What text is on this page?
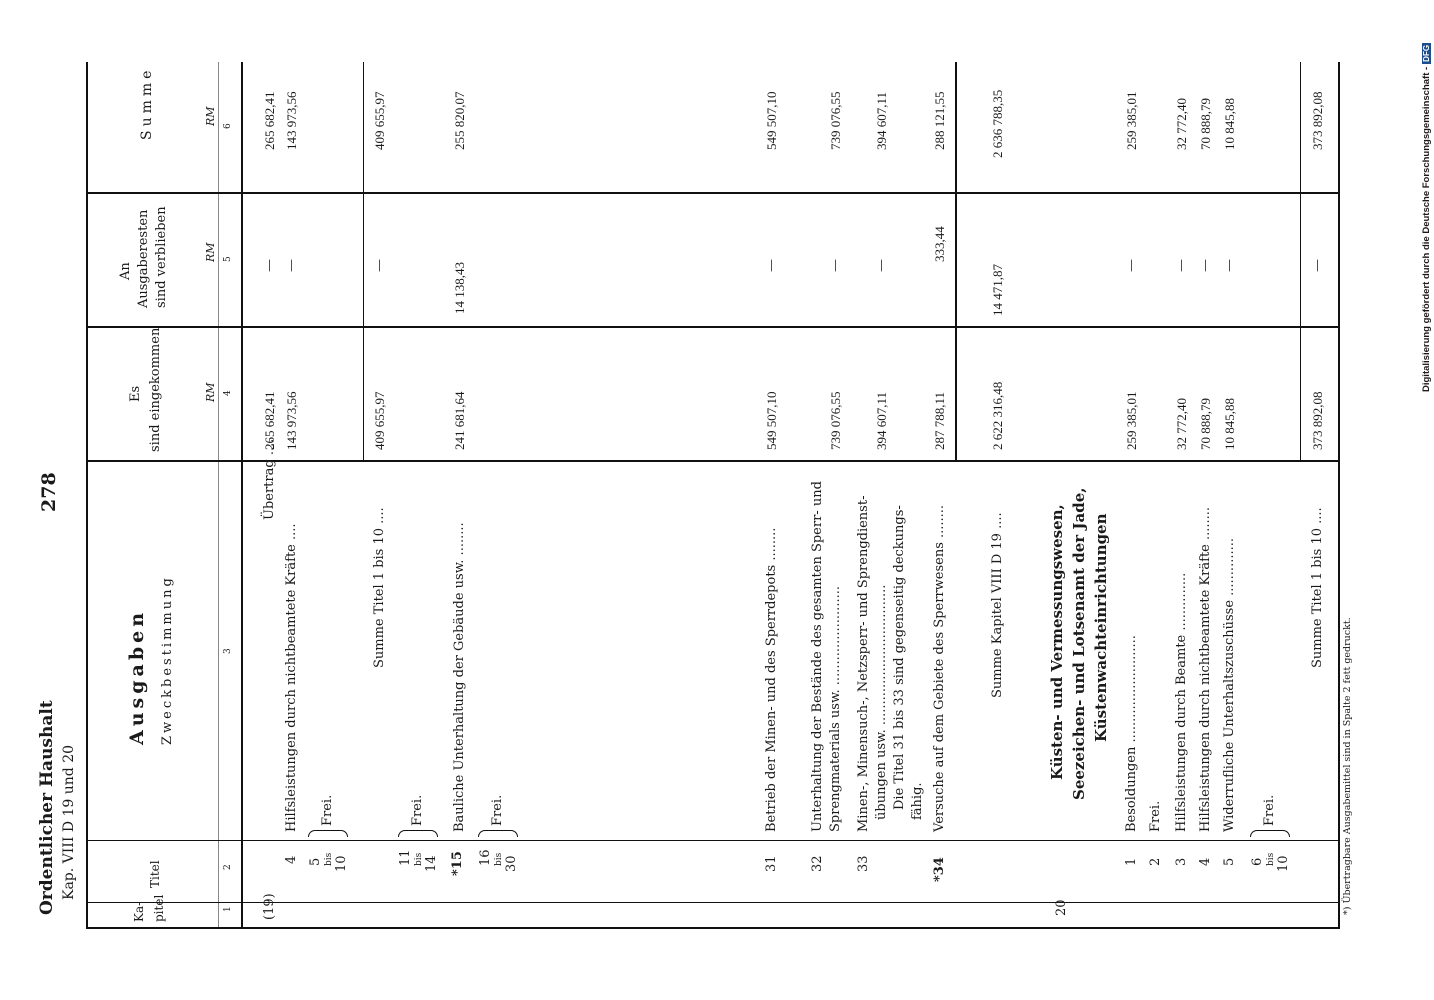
Ordentlicher Haushalt Kap. VIII D 19 und 20
278
*) Übertragbare Ausgabemittel sind in Spalte 2 fett gedruckt.
Digitalisierung gefördert durch die Deutsche Forschungsgemeinschaft -DFG
Ka- pitel
Titel
Ausgaben Zweckbestimmung
Es sind eingekommen
An Ausgaberesten sind verblieben
Summe
RM
RM
RM
1
2
3
4
5
6
(19)
Übertrag ....
265 682,41
—
265 682,41
4
Hilfsleistungen durch nichtbeamtete Kräfte ....
143 973,56
—
143 973,56
5 bis 10
Frei.
Summe Titel 1 bis 10 ....
409 655,97
—
409 655,97
11 bis 14
Frei.
*15
Bauliche Unterhaltung der Gebäude usw. ........
241 681,64
14 138,43
255 820,07
16 bis 30
Frei.
31
Betrieb der Minen- und des Sperrdepots ........
549 507,10
—
549 507,10
32
Unterhaltung der Bestände des gesamten Sperr- und Sprengmaterials usw. ........................
739 076,55
—
739 076,55
33
Minen-, Minensuch-, Netzsperr- und Sprengdienst- übungen usw. ..................................
394 607,11
—
394 607,11
Die Titel 31 bis 33 sind gegenseitig deckungs- fähig.
*34
Versuche auf dem Gebiete des Sperrwesens ........
287 788,11
333,44
288 121,55
Summe Kapitel VIII D 19 ....
2 622 316,48
14 471,87
2 636 788,35
20
Küsten- und Vermessungswesen, Seezeichen- und Lotsenamt der Jade, Küstenwachteinrichtungen
1
Besoldungen ..........................
259 385,01
—
259 385,01
2
Frei.
3
Hilfsleistungen durch Beamte ..............
32 772,40
—
32 772,40
4
Hilfsleistungen durch nichtbeamtete Kräfte ........
70 888,79
—
70 888,79
5
Widerrufliche Unterhaltszuschüsse ..............
10 845,88
—
10 845,88
6 bis 10
Frei.
Summe Titel 1 bis 10 ....
373 892,08
—
373 892,08
